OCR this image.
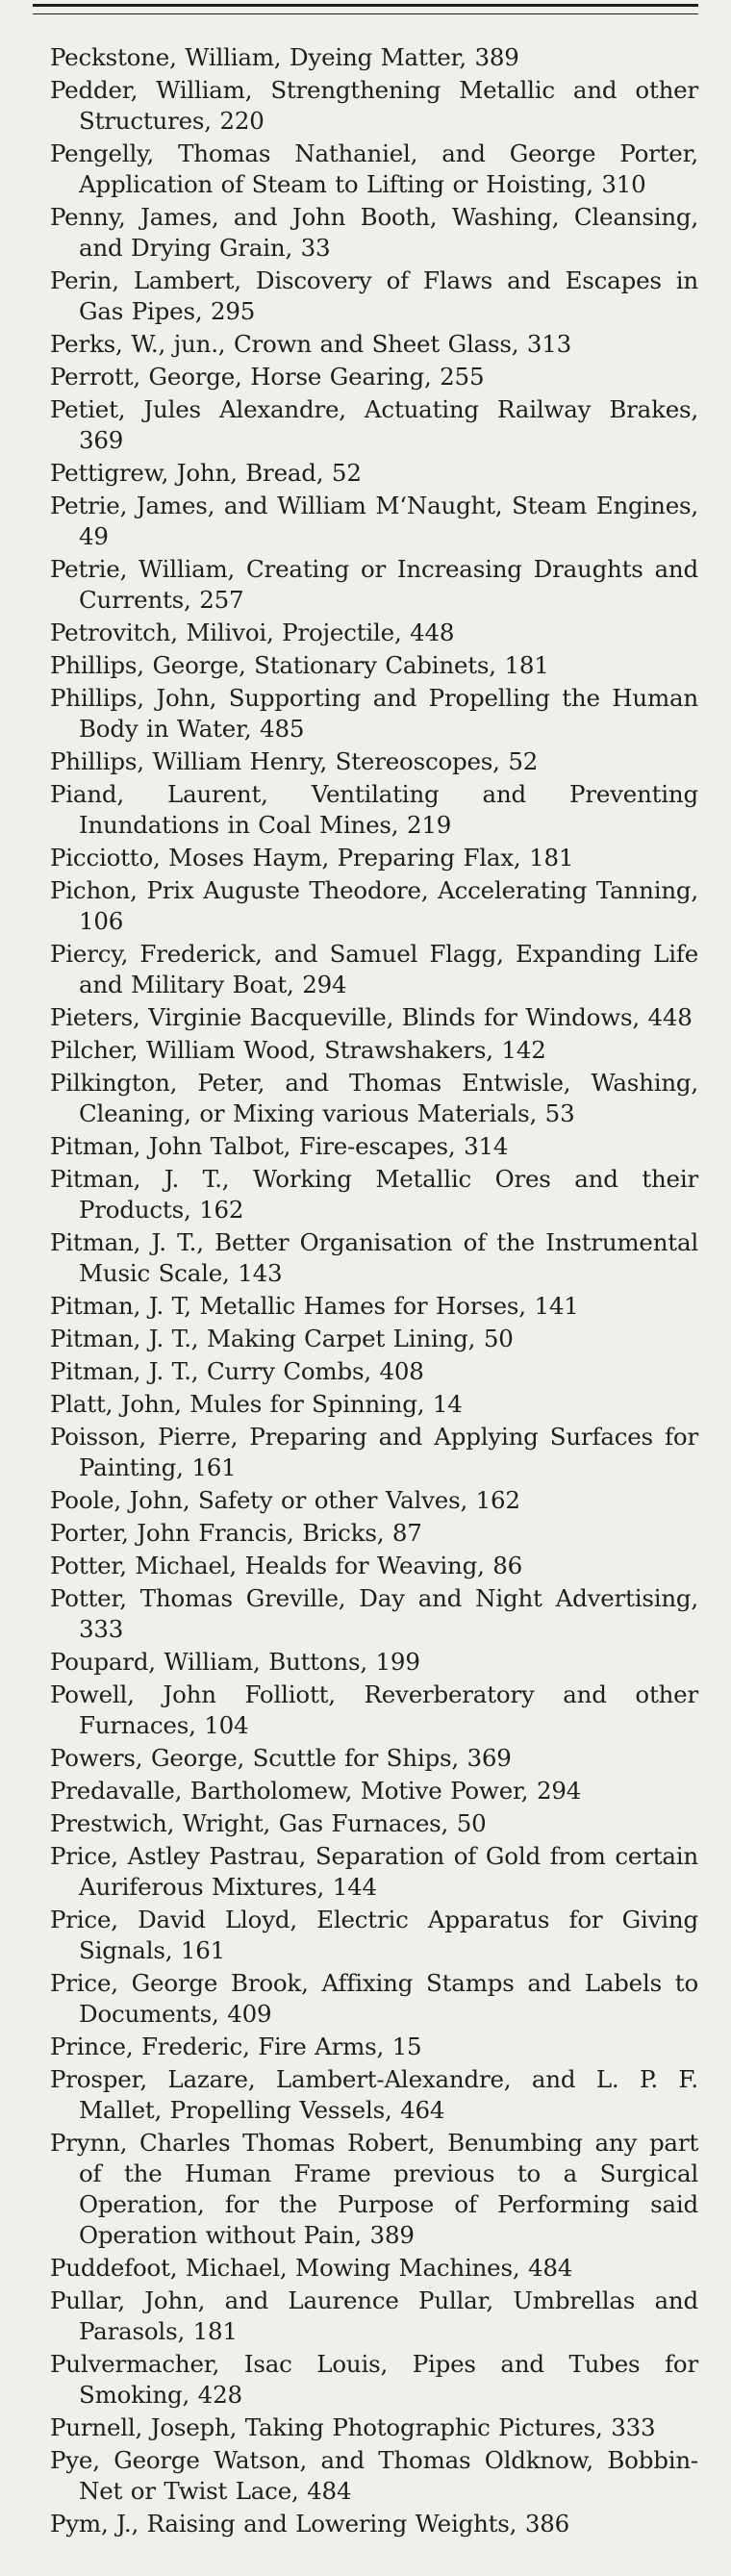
Peckstone, William, Dyeing Matter, 389
Pedder, William, Strengthening Metallic and other Structures, 220
Pengelly, Thomas Nathaniel, and George Porter, Application of Steam to Lifting or Hoisting, 310
Penny, James, and John Booth, Washing, Cleansing, and Drying Grain, 33
Perin, Lambert, Discovery of Flaws and Escapes in Gas Pipes, 295
Perks, W., jun., Crown and Sheet Glass, 313
Perrott, George, Horse Gearing, 255
Petiet, Jules Alexandre, Actuating Railway Brakes, 369
Pettigrew, John, Bread, 52
Petrie, James, and William M‘Naught, Steam Engines, 49
Petrie, William, Creating or Increasing Draughts and Currents, 257
Petrovitch, Milivoi, Projectile, 448
Phillips, George, Stationary Cabinets, 181
Phillips, John, Supporting and Propelling the Human Body in Water, 485
Phillips, William Henry, Stereoscopes, 52
Piand, Laurent, Ventilating and Preventing Inundations in Coal Mines, 219
Picciotto, Moses Haym, Preparing Flax, 181
Pichon, Prix Auguste Theodore, Accelerating Tanning, 106
Piercy, Frederick, and Samuel Flagg, Expanding Life and Military Boat, 294
Pieters, Virginie Bacqueville, Blinds for Windows, 448
Pilcher, William Wood, Strawshakers, 142
Pilkington, Peter, and Thomas Entwisle, Washing, Cleaning, or Mixing various Materials, 53
Pitman, John Talbot, Fire-escapes, 314
Pitman, J. T., Working Metallic Ores and their Products, 162
Pitman, J. T., Better Organisation of the Instrumental Music Scale, 143
Pitman, J. T, Metallic Hames for Horses, 141
Pitman, J. T., Making Carpet Lining, 50
Pitman, J. T., Curry Combs, 408
Platt, John, Mules for Spinning, 14
Poisson, Pierre, Preparing and Applying Surfaces for Painting, 161
Poole, John, Safety or other Valves, 162
Porter, John Francis, Bricks, 87
Potter, Michael, Healds for Weaving, 86
Potter, Thomas Greville, Day and Night Advertising, 333
Poupard, William, Buttons, 199
Powell, John Folliott, Reverberatory and other Furnaces, 104
Powers, George, Scuttle for Ships, 369
Predavalle, Bartholomew, Motive Power, 294
Prestwich, Wright, Gas Furnaces, 50
Price, Astley Pastrau, Separation of Gold from certain Auriferous Mixtures, 144
Price, David Lloyd, Electric Apparatus for Giving Signals, 161
Price, George Brook, Affixing Stamps and Labels to Documents, 409
Prince, Frederic, Fire Arms, 15
Prosper, Lazare, Lambert-Alexandre, and L. P. F. Mallet, Propelling Vessels, 464
Prynn, Charles Thomas Robert, Benumbing any part of the Human Frame previous to a Surgical Operation, for the Purpose of Performing said Operation without Pain, 389
Puddefoot, Michael, Mowing Machines, 484
Pullar, John, and Laurence Pullar, Umbrellas and Parasols, 181
Pulvermacher, Isac Louis, Pipes and Tubes for Smoking, 428
Purnell, Joseph, Taking Photographic Pictures, 333
Pye, George Watson, and Thomas Oldknow, Bobbin-Net or Twist Lace, 484
Pym, J., Raising and Lowering Weights, 386
